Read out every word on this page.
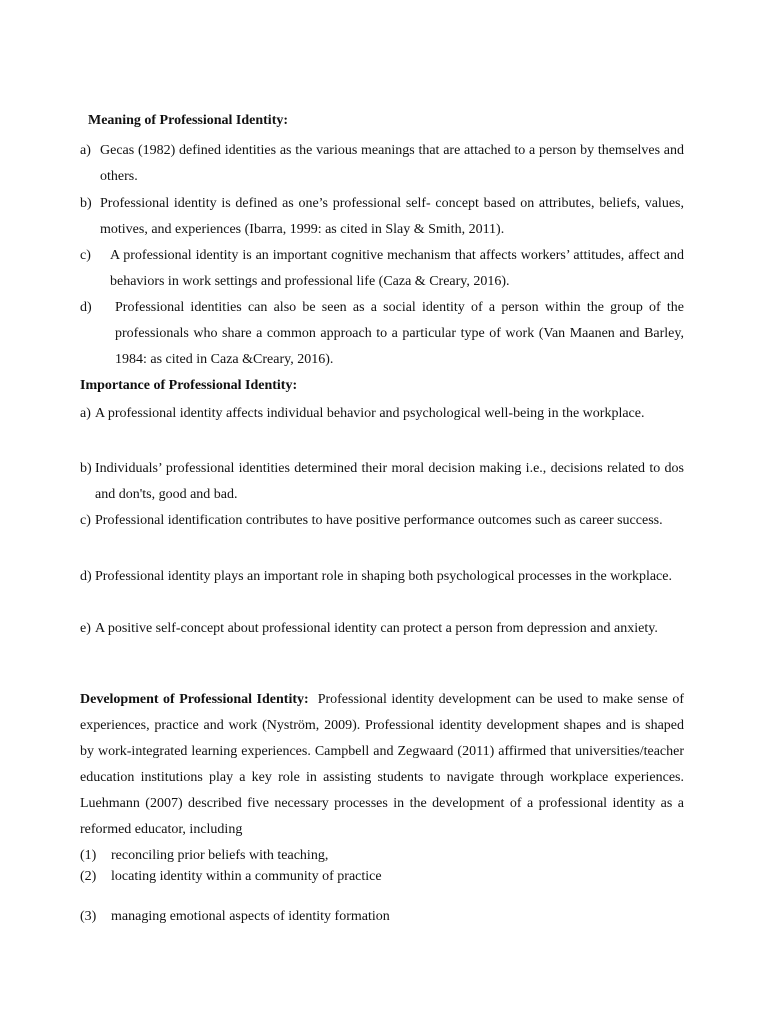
Meaning of Professional Identity:
a) Gecas (1982) defined identities as the various meanings that are attached to a person by themselves and others.
b) Professional identity is defined as one’s professional self- concept based on attributes, beliefs, values, motives, and experiences (Ibarra, 1999: as cited in Slay & Smith, 2011).
c)	A professional identity is an important cognitive mechanism that affects workers’ attitudes, affect and behaviors in work settings and professional life (Caza & Creary, 2016).
d)	Professional identities can also be seen as a social identity of a person within the group of the professionals who share a common approach to a particular type of work (Van Maanen and Barley, 1984: as cited in Caza &Creary, 2016).
Importance of Professional Identity:
a) A professional identity affects individual behavior and psychological well-being in the workplace.
b) Individuals’ professional identities determined their moral decision making i.e., decisions related to dos and don'ts, good and bad.
c) Professional identification contributes to have positive performance outcomes such as career success.
d) Professional identity plays an important role in shaping both psychological processes in the workplace.
e) A positive self-concept about professional identity can protect a person from depression and anxiety.
Development of Professional Identity: Professional identity development can be used to make sense of experiences, practice and work (Nyström, 2009). Professional identity development shapes and is shaped by work-integrated learning experiences. Campbell and Zegwaard (2011) affirmed that universities/teacher education institutions play a key role in assisting students to navigate through workplace experiences. Luehmann (2007) described five necessary processes in the development of a professional identity as a reformed educator, including
(1) reconciling prior beliefs with teaching,
(2) locating identity within a community of practice
(3) managing emotional aspects of identity formation
